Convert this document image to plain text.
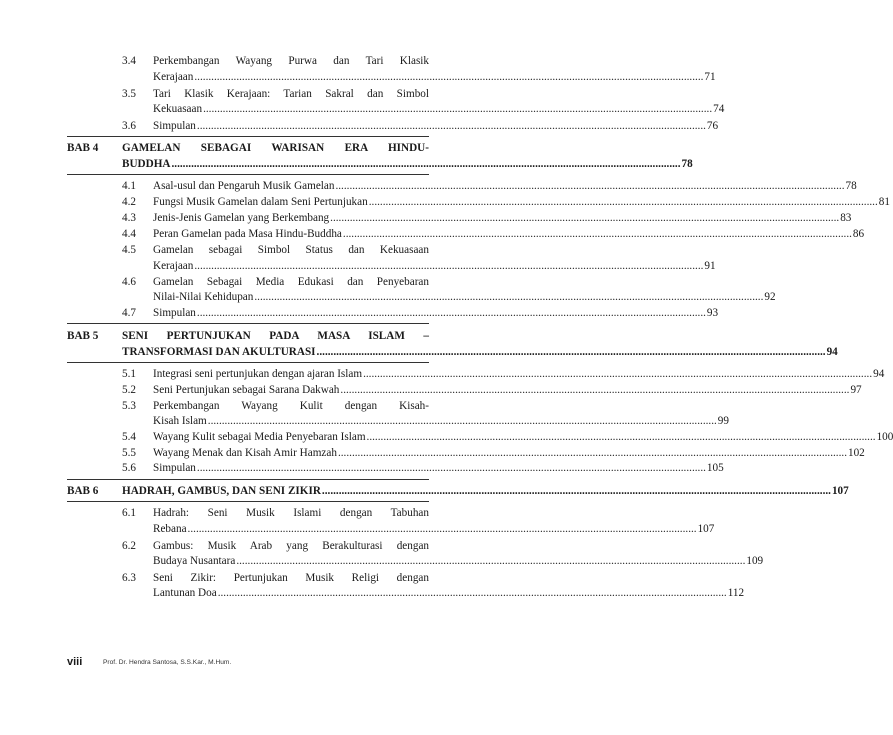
3.4	Perkembangan Wayang Purwa dan Tari Klasik
Kerajaan ...................................................................................................................................................................................... 71
3.5	Tari Klasik Kerajaan: Tarian Sakral dan Simbol
Kekuasaan ...................................................................................................................................................................................... 74
3.6	Simpulan ...................................................................................................................................................................................... 76
BAB 4 GAMELAN SEBAGAI WARISAN ERA HINDU-
BUDDHA ...................................................................................................................................................................................... 78
4.1	Asal-usul dan Pengaruh Musik Gamelan ...................................................................................................................................................................................... 78
4.2	Fungsi Musik Gamelan dalam Seni Pertunjukan ...................................................................................................................................................................................... 81
4.3	Jenis-Jenis Gamelan yang Berkembang ...................................................................................................................................................................................... 83
4.4	Peran Gamelan pada Masa Hindu-Buddha ...................................................................................................................................................................................... 86
4.5	Gamelan sebagai Simbol Status dan Kekuasaan
Kerajaan ...................................................................................................................................................................................... 91
4.6	Gamelan Sebagai Media Edukasi dan Penyebaran
Nilai-Nilai Kehidupan ...................................................................................................................................................................................... 92
4.7	Simpulan ...................................................................................................................................................................................... 93
BAB 5 SENI PERTUNJUKAN PADA MASA ISLAM –
TRANSFORMASI DAN AKULTURASI ...................................................................................................................................................................................... 94
5.1	Integrasi seni pertunjukan dengan ajaran Islam ...................................................................................................................................................................................... 94
5.2	Seni Pertunjukan sebagai Sarana Dakwah ...................................................................................................................................................................................... 97
5.3	Perkembangan Wayang Kulit dengan Kisah-
Kisah Islam ...................................................................................................................................................................................... 99
5.4	Wayang Kulit sebagai Media Penyebaran Islam ...................................................................................................................................................................................... 100
5.5	Wayang Menak dan Kisah Amir Hamzah ...................................................................................................................................................................................... 102
5.6	Simpulan ...................................................................................................................................................................................... 105
BAB 6 HADRAH, GAMBUS, DAN SENI ZIKIR ...................................................................................................................................................................................... 107
6.1	Hadrah: Seni Musik Islami dengan Tabuhan
Rebana ...................................................................................................................................................................................... 107
6.2	Gambus: Musik Arab yang Berakulturasi dengan
Budaya Nusantara ...................................................................................................................................................................................... 109
6.3	Seni Zikir: Pertunjukan Musik Religi dengan
Lantunan Doa ...................................................................................................................................................................................... 112
viii	Prof. Dr. Hendra Santosa, S.S.Kar., M.Hum.
